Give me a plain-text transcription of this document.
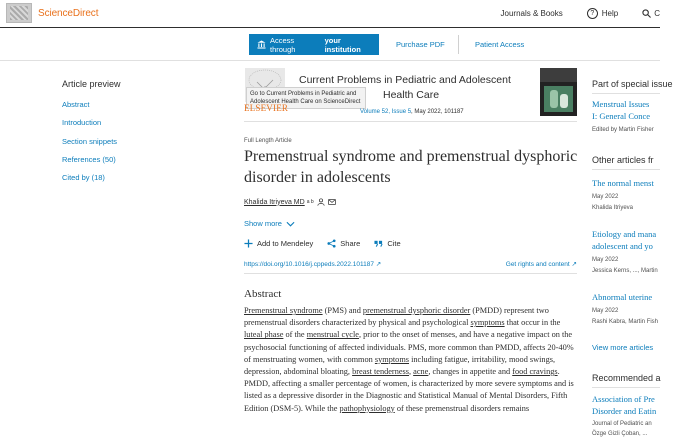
ScienceDirect	Journals & Books	? Help	C
Access through
your institution	Purchase PDF	Patient Access
Article preview
Abstract
Introduction
Section snippets
References (50)
Cited by (18)
Go to Current Problems in Pediatric and Adolescent Health Care on ScienceDirect
ELSEVIER
Current Problems in Pediatric and Adolescent
Health Care
Volume 52, Issue 5, May 2022, 101187
Full Length Article
Premenstrual syndrome and premenstrual dysphoric disorder in adolescents
Khalida Itriyeva MD a b
Show more
Add to Mendeley	Share	Cite
https://doi.org/10.1016/j.cppeds.2022.101187 ↗	Get rights and content ↗
Abstract
Premenstrual syndrome (PMS) and premenstrual dysphoric disorder (PMDD) represent two premenstrual disorders characterized by physical and psychological symptoms that occur in the luteal phase of the menstrual cycle, prior to the onset of menses, and have a negative impact on the psychosocial functioning of affected individuals. PMS, more common than PMDD, affects 20-40% of menstruating women, with common symptoms including fatigue, irritability, mood swings, depression, abdominal bloating, breast tenderness, acne, changes in appetite and food cravings. PMDD, affecting a smaller percentage of women, is characterized by more severe symptoms and is listed as a depressive disorder in the Diagnostic and Statistical Manual of Mental Disorders, Fifth Edition (DSM-5). While the pathophysiology of these premenstrual disorders remains
Part of special issue
Menstrual Issues
I: General Conce
Edited by Martin Fisher
Other articles fr
The normal menst
May 2022
Khalida Itriyeva
Etiology and mana
adolescent and yo
May 2022
Jessica Kerns, ..., Martin
Abnormal uterine
May 2022
Rashi Kabra, Martin Fish
View more articles
Recommended a
Association of Pre
Disorder and Eatin
Journal of Pediatric an
Özge Gizli Çoban, ...
